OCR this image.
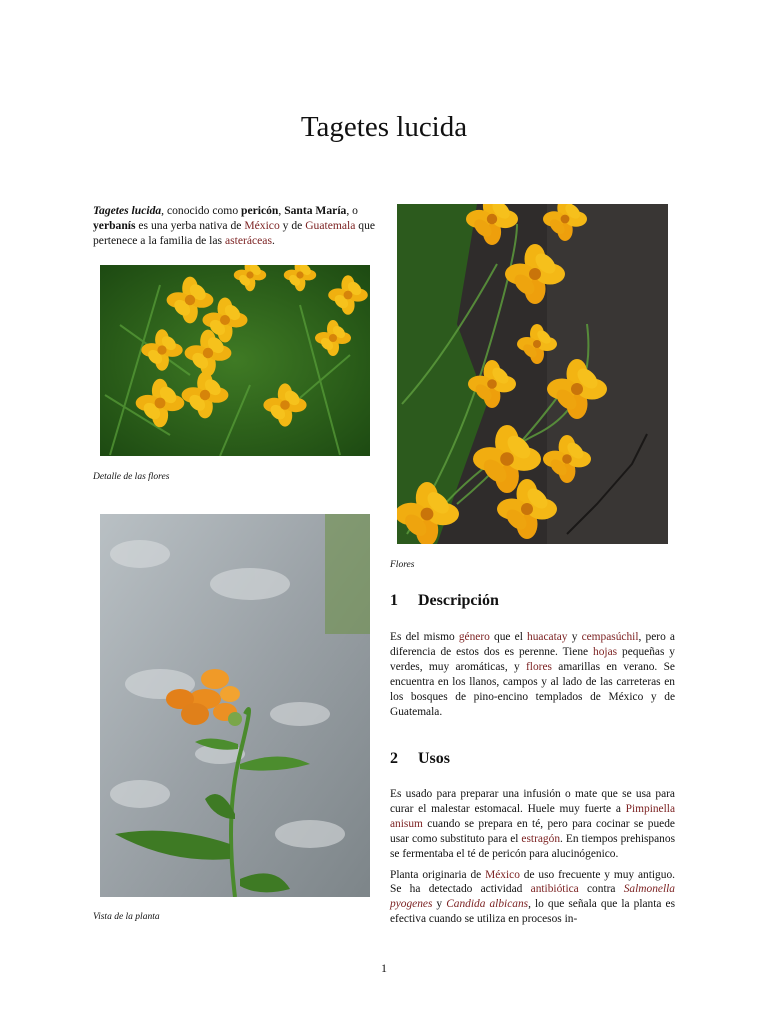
Tagetes lucida
Tagetes lucida, conocido como pericón, Santa María, o yerbanís es una yerba nativa de México y de Guatemala que pertenece a la familia de las asteráceas.
Detalle de las flores
Flores
Vista de la planta
1 Descripción

Es del mismo género que el huacatay y cempasúchil, pero a diferencia de estos dos es perenne. Tiene hojas pequeñas y verdes, muy aromáticas, y flores amarillas en verano. Se encuentra en los llanos, campos y al lado de las carreteras en los bosques de pino-encino templados de México y de Guatemala.

2 Usos

Es usado para preparar una infusión o mate que se usa para curar el malestar estomacal. Huele muy fuerte a Pimpinella anisum cuando se prepara en té, pero para cocinar se puede usar como substituto para el estragón. En tiempos prehispanos se fermentaba el té de pericón para alucinógenico.

Planta originaria de México de uso frecuente y muy antiguo. Se ha detectado actividad antibiótica contra Salmonella pyogenes y Candida albicans, lo que señala que la planta es efectiva cuando se utiliza en procesos in-

1
